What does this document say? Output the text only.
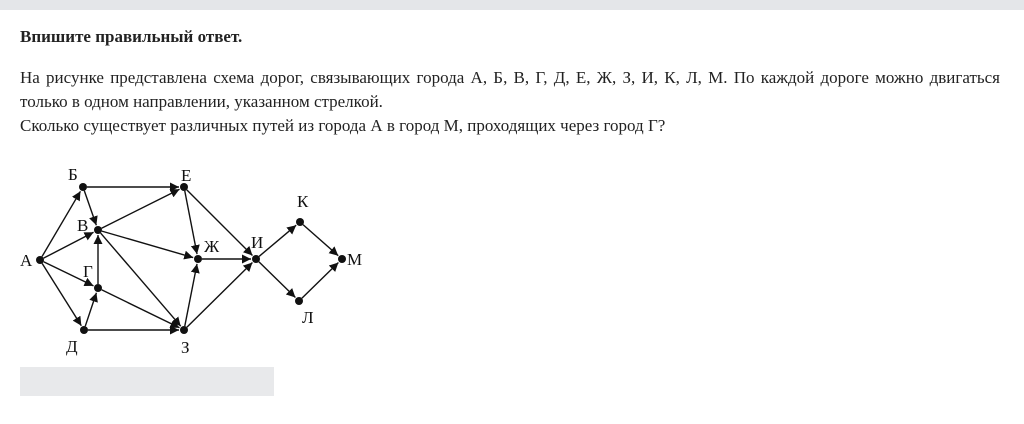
Впишите правильный ответ.

На рисунке представлена схема дорог, связывающих города А, Б, В, Г, Д, Е, Ж, З, И, К, Л, М. По каждой дороге можно двигаться только в одном направлении, указанном стрелкой.

Сколько существует различных путей из города А в город М, проходящих через город Г?

А
Б
В
Г
Д
Е
Ж
З
И
К
Л
М
